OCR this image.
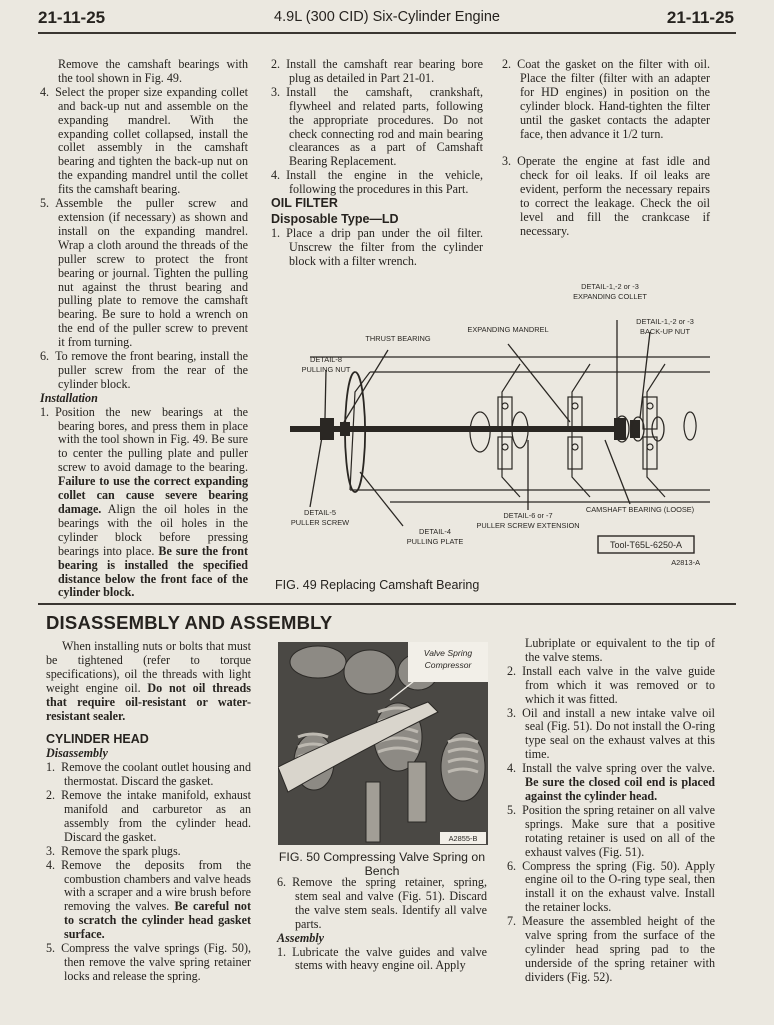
21-11-25	4.9L (300 CID) Six-Cylinder Engine	21-11-25

Remove the camshaft bearings with the tool shown in Fig. 49.

4.  Select the proper size expanding collet and back-up nut and assemble on the expanding mandrel. With the expanding collet collapsed, install the collet assembly in the camshaft bearing and tighten the back-up nut on the expanding mandrel until the collet fits the camshaft bearing.

5.  Assemble the puller screw and extension (if necessary) as shown and install on the expanding mandrel. Wrap a cloth around the threads of the puller screw to protect the front bearing or journal. Tighten the pulling nut against the thrust bearing and pulling plate to remove the camshaft bearing. Be sure to hold a wrench on the end of the puller screw to prevent it from turning.

6.  To remove the front bearing, install the puller screw from the rear of the cylinder block.

Installation

1.  Position the new bearings at the bearing bores, and press them in place with the tool shown in Fig. 49. Be sure to center the pulling plate and puller screw to avoid damage to the bearing. Failure to use the correct expanding collet can cause severe bearing damage. Align the oil holes in the bearings with the oil holes in the cylinder block before pressing bearings into place. Be sure the front bearing is installed the specified distance below the front face of the cylinder block.

2.  Install the camshaft rear bearing bore plug as detailed in Part 21-01.

3.  Install the camshaft, crankshaft, flywheel and related parts, following the appropriate procedures. Do not check connecting rod and main bearing clearances as a part of Camshaft Bearing Replacement.

4.  Install the engine in the vehicle, following the procedures in this Part.

OIL FILTER

Disposable Type—LD

1.  Place a drip pan under the oil filter. Unscrew the filter from the cylinder block with a filter wrench.

2.  Coat the gasket on the filter with oil. Place the filter (filter with an adapter for HD engines) in position on the cylinder block. Hand-tighten the filter until the gasket contacts the adapter face, then advance it 1/2 turn.

3.  Operate the engine at fast idle and check for oil leaks. If oil leaks are evident, perform the necessary repairs to correct the leakage. Check the oil level and fill the crankcase if necessary.

DETAIL-1,-2 or -3
EXPANDING COLLET
DETAIL-1,-2 or -3
BACK-UP NUT
EXPANDING MANDREL
THRUST BEARING
DETAIL-8
PULLING NUT
DETAIL-5
PULLER SCREW
DETAIL-6 or -7
PULLER SCREW EXTENSION
DETAIL-4
PULLING PLATE
CAMSHAFT BEARING (LOOSE)
Tool-T65L-6250-A
A2813-A
FIG. 49 Replacing Camshaft Bearing
DISASSEMBLY AND ASSEMBLY

When installing nuts or bolts that must be tightened (refer to torque specifications), oil the threads with light weight engine oil. Do not oil threads that require oil-resistant or water-resistant sealer.

CYLINDER HEAD

Disassembly

1.  Remove the coolant outlet housing and thermostat. Discard the gasket.

2.  Remove the intake manifold, exhaust manifold and carburetor as an assembly from the cylinder head. Discard the gasket.

3.  Remove the spark plugs.

4.  Remove the deposits from the combustion chambers and valve heads with a scraper and a wire brush before removing the valves. Be careful not to scratch the cylinder head gasket surface.

5.  Compress the valve springs (Fig. 50), then remove the valve spring retainer locks and release the spring.

Valve Spring
Compressor
A2855-B
FIG. 50 Compressing Valve Spring on
Bench

6.  Remove the spring retainer, spring, stem seal and valve (Fig. 51). Discard the valve stem seals. Identify all valve parts.

Assembly

1.  Lubricate the valve guides and valve stems with heavy engine oil. Apply

Lubriplate or equivalent to the tip of the valve stems.

2.  Install each valve in the valve guide from which it was removed or to which it was fitted.

3.  Oil and install a new intake valve oil seal (Fig. 51). Do not install the O-ring type seal on the exhaust valves at this time.

4.  Install the valve spring over the valve. Be sure the closed coil end is placed against the cylinder head.

5.  Position the spring retainer on all valve springs. Make sure that a positive rotating retainer is used on all of the exhaust valves (Fig. 51).

6.  Compress the spring (Fig. 50). Apply engine oil to the O-ring type seal, then install it on the exhaust valve. Install the retainer locks.

7.  Measure the assembled height of the valve spring from the surface of the cylinder head spring pad to the underside of the spring retainer with dividers (Fig. 52).
